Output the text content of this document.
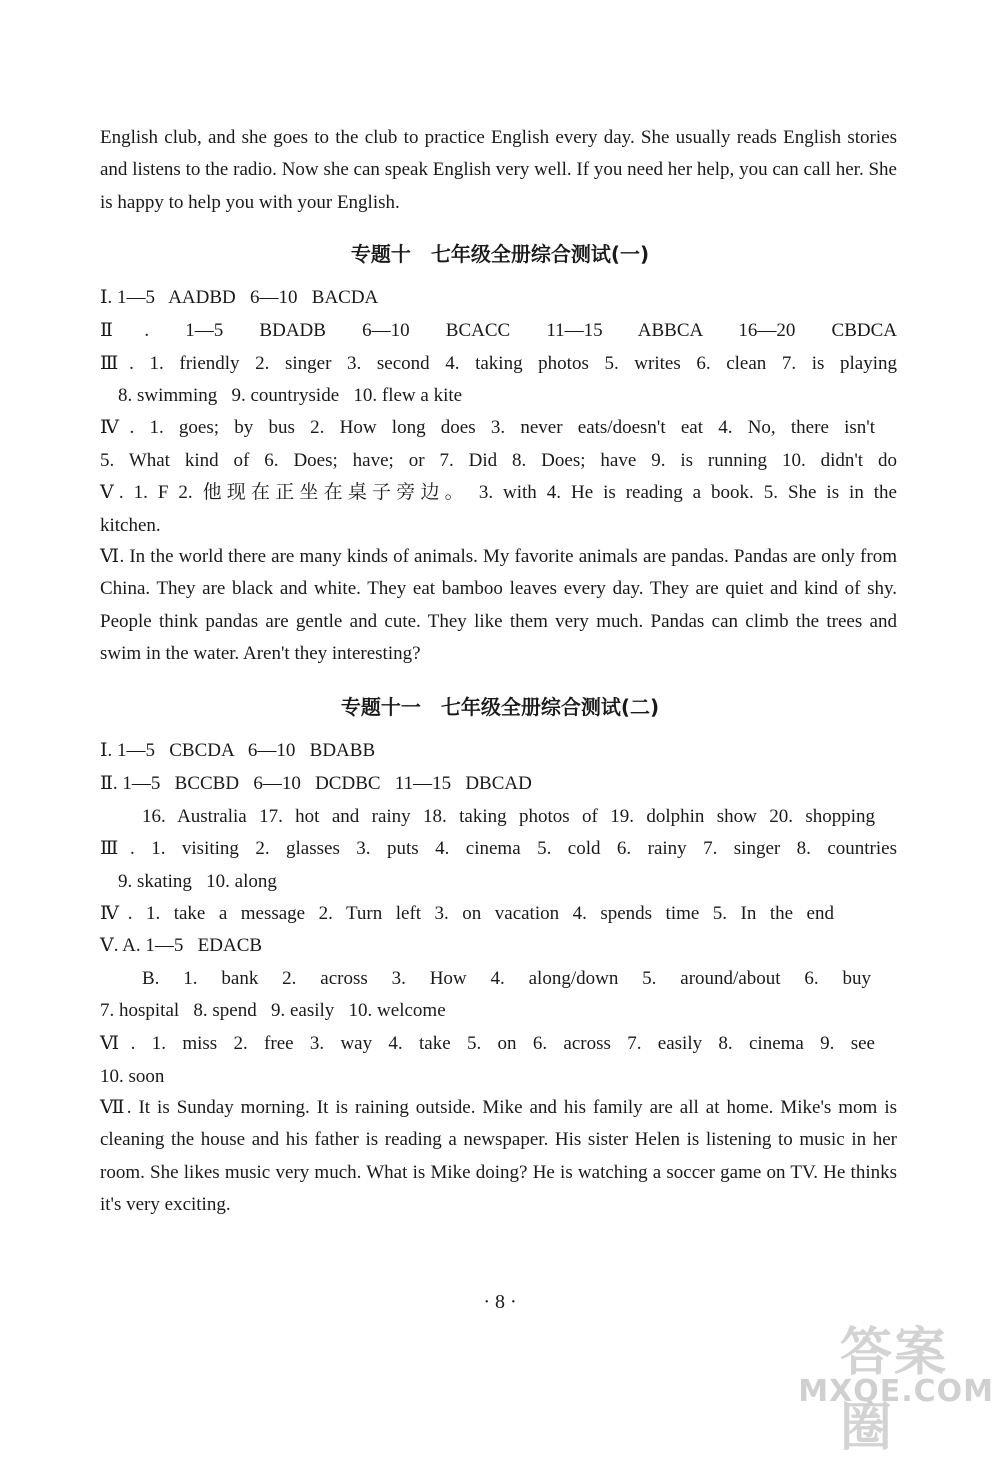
English club, and she goes to the club to practice English every day. She usually reads English stories and listens to the radio. Now she can speak English very well. If you need her help, you can call her. She is happy to help you with your English.
专题十　七年级全册综合测试(一)
Ⅰ. 1—5   AADBD   6—10   BACDA
Ⅱ. 1—5 BDADB 6—10 BCACC 11—15 ABBCA 16—20 CBDCA
Ⅲ. 1. friendly 2. singer 3. second 4. taking photos 5. writes 6. clean 7. is playing
8. swimming   9. countryside   10. flew a kite
Ⅳ. 1. goes; by bus 2. How long does 3. never eats/doesn't eat 4. No, there isn't
5. What kind of 6. Does; have; or 7. Did 8. Does; have 9. is running 10. didn't do
Ⅴ. 1. F 2. 他现在正坐在桌子旁边。 3. with 4. He is reading a book. 5. She is in the
kitchen.
Ⅵ. In the world there are many kinds of animals. My favorite animals are pandas. Pandas are only from China. They are black and white. They eat bamboo leaves every day. They are quiet and kind of shy. People think pandas are gentle and cute. They like them very much. Pandas can climb the trees and swim in the water. Aren't they interesting?
专题十一　七年级全册综合测试(二)
Ⅰ. 1—5   CBCDA   6—10   BDABB
Ⅱ. 1—5   BCCBD   6—10   DCDBC   11—15   DBCAD
16. Australia 17. hot and rainy 18. taking photos of 19. dolphin show 20. shopping
Ⅲ. 1. visiting 2. glasses 3. puts 4. cinema 5. cold 6. rainy 7. singer 8. countries
9. skating   10. along
Ⅳ. 1. take a message 2. Turn left 3. on vacation 4. spends time 5. In the end
Ⅴ. A. 1—5   EDACB
B. 1. bank 2. across 3. How 4. along/down 5. around/about 6. buy
7. hospital   8. spend   9. easily   10. welcome
Ⅵ. 1. miss 2. free 3. way 4. take 5. on 6. across 7. easily 8. cinema 9. see
10. soon
Ⅶ. It is Sunday morning. It is raining outside. Mike and his family are all at home. Mike's mom is cleaning the house and his father is reading a newspaper. His sister Helen is listening to music in her room. She likes music very much. What is Mike doing? He is watching a soccer game on TV. He thinks it's very exciting.
· 8 ·
答案圈
MXQE.COM
